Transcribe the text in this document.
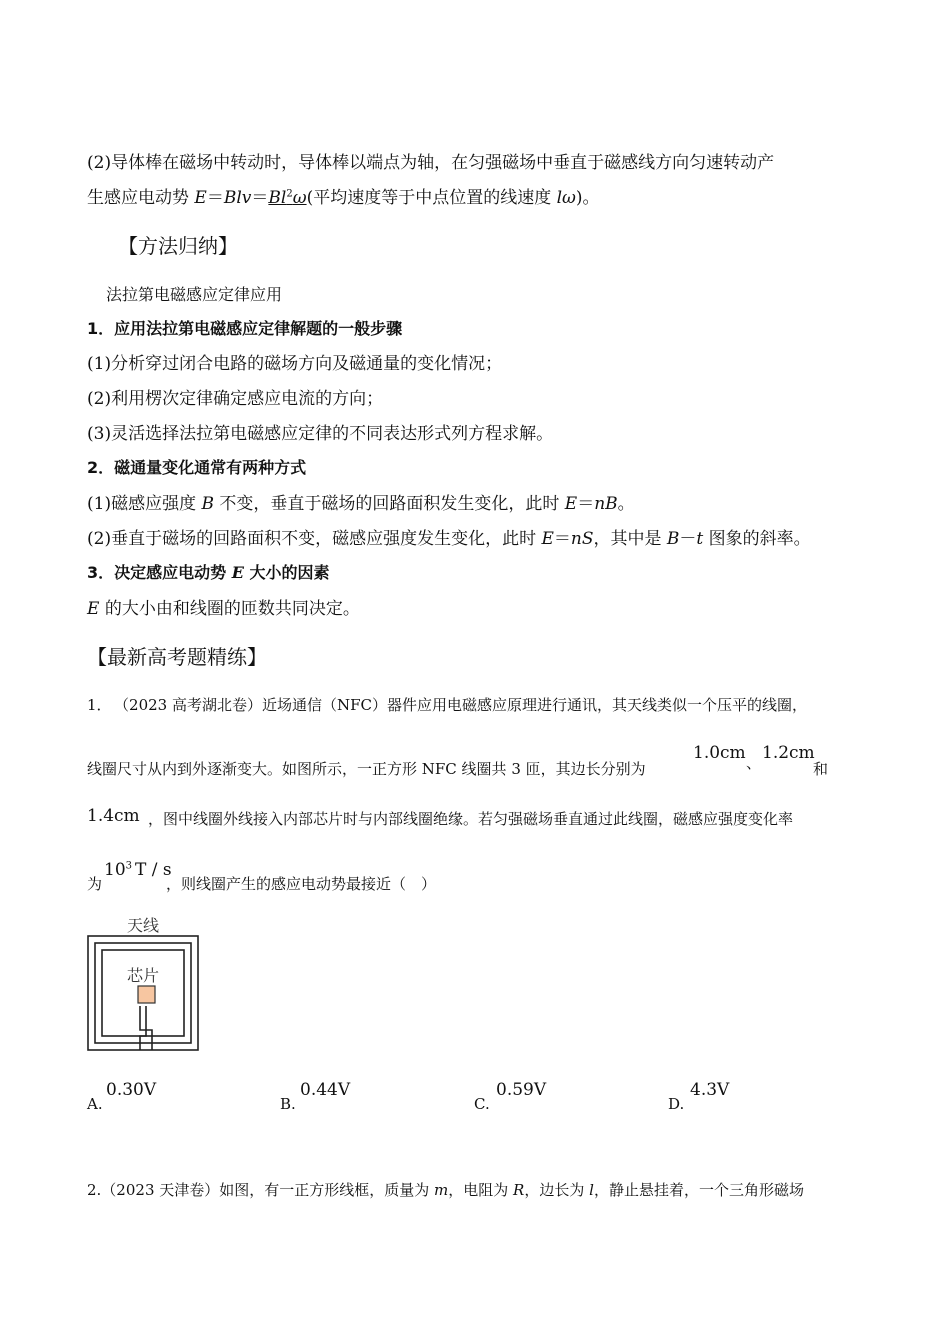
(2)导体棒在磁场中转动时，导体棒以端点为轴，在匀强磁场中垂直于磁感线方向匀速转动产
生感应电动势 $E=Blv=Bl^2\omega$(平均速度等于中点位置的线速度 lω)。
【方法归纳】
法拉第电磁感应定律应用
1．应用法拉第电磁感应定律解题的一般步骤
(1)分析穿过闭合电路的磁场方向及磁通量的变化情况；
(2)利用楞次定律确定感应电流的方向；
(3)灵活选择法拉第电磁感应定律的不同表达形式列方程求解。
2．磁通量变化通常有两种方式
(1)磁感应强度 B 不变，垂直于磁场的回路面积发生变化，此时 E＝nB。
(2)垂直于磁场的回路面积不变，磁感应强度发生变化，此时 E＝nS，其中是 B－t 图象的斜率。
3．决定感应电动势 E 大小的因素
E 的大小由和线圈的匝数共同决定。
【最新高考题精练】
1． （2023 高考湖北卷）近场通信（NFC）器件应用电磁感应原理进行通讯，其天线类似一个压平的线圈，
线圈尺寸从内到外逐渐变大。如图所示，一正方形 NFC 线圈共 3 匝，其边长分别为
1.0cm 、 1.2cm
和
1.4cm ，图中线圈外线接入内部芯片时与内部线圈绝缘。若匀强磁场垂直通过此线圈，磁感应强度变化率
为
$10^3$ T / s
，则线圈产生的感应电动势最接近（　）
天线
芯片
A.
0.30V
B.
0.44V
C.
0.59V
D.
4.3V
2.（2023 天津卷）如图，有一正方形线框，质量为 m，电阻为 R，边长为 l，静止悬挂着，一个三角形磁场
